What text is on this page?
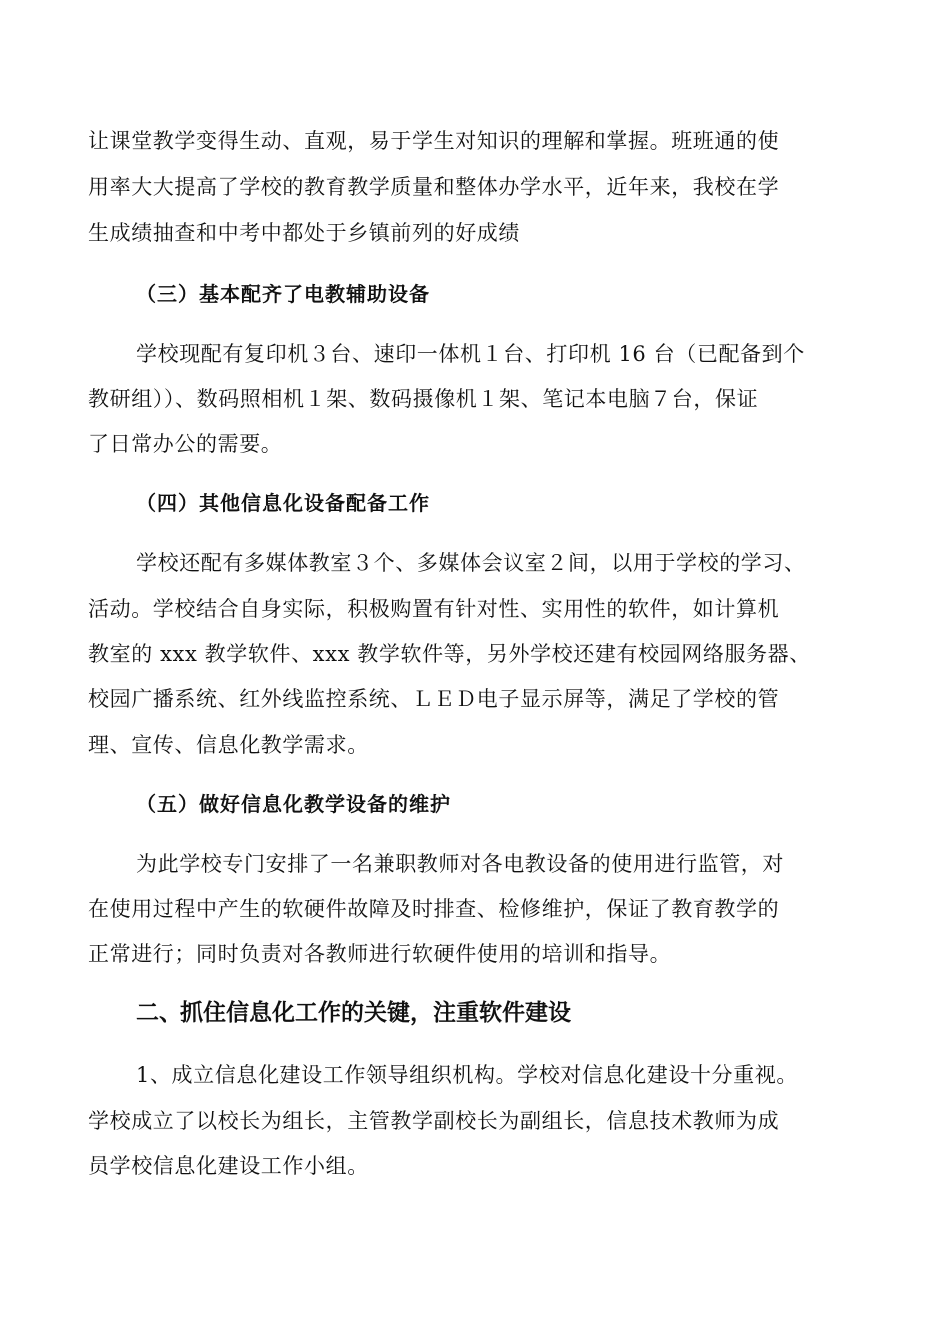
让课堂教学变得生动、直观，易于学生对知识的理解和掌握。班班通的使
用率大大提高了学校的教育教学质量和整体办学水平，近年来，我校在学
生成绩抽查和中考中都处于乡镇前列的好成绩
（三）基本配齐了电教辅助设备
学校现配有复印机３台、速印一体机１台、打印机 16 台（已配备到个
教研组））、数码照相机１架、数码摄像机１架、笔记本电脑７台，保证
了日常办公的需要。
（四）其他信息化设备配备工作
学校还配有多媒体教室３个、多媒体会议室２间，以用于学校的学习、
活动。学校结合自身实际，积极购置有针对性、实用性的软件，如计算机
教室的 xxx 教学软件、xxx 教学软件等，另外学校还建有校园网络服务器、
校园广播系统、红外线监控系统、ＬＥＤ电子显示屏等，满足了学校的管
理、宣传、信息化教学需求。
（五）做好信息化教学设备的维护
为此学校专门安排了一名兼职教师对各电教设备的使用进行监管，对
在使用过程中产生的软硬件故障及时排查、检修维护，保证了教育教学的
正常进行；同时负责对各教师进行软硬件使用的培训和指导。
二、抓住信息化工作的关键，注重软件建设
1、成立信息化建设工作领导组织机构。学校对信息化建设十分重视。
学校成立了以校长为组长，主管教学副校长为副组长，信息技术教师为成
员学校信息化建设工作小组。
